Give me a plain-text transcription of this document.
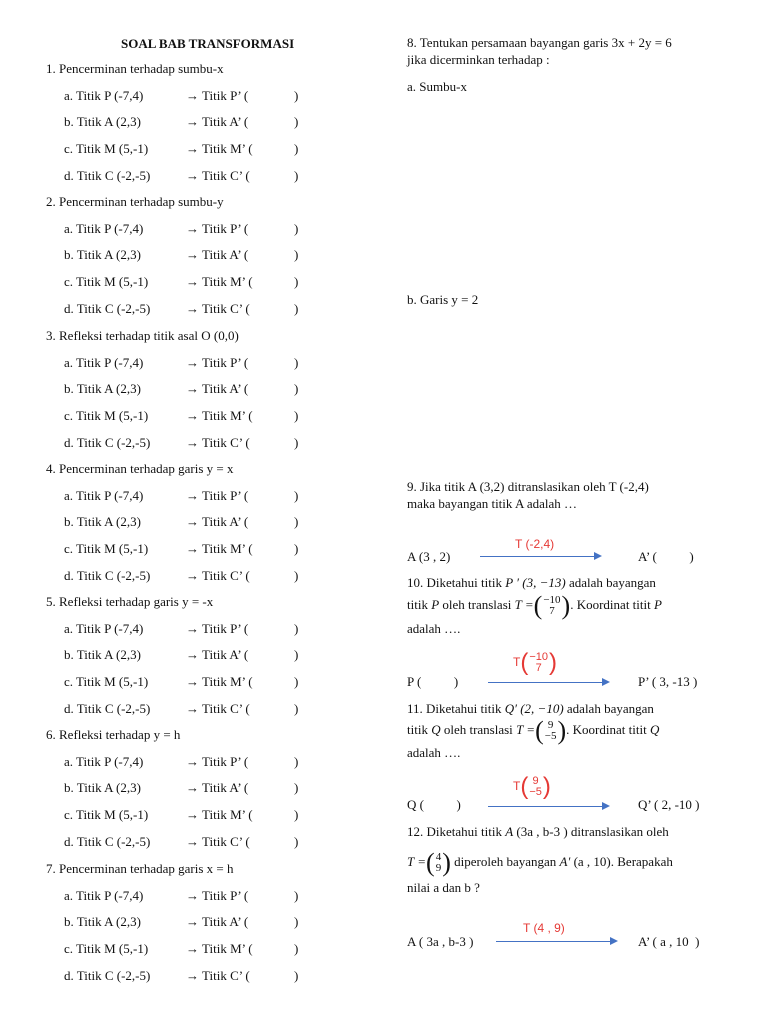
SOAL BAB TRANSFORMASI
1. Pencerminan terhadap sumbu-x
a. Titik P (-7,4)	→ Titik P’ (	)
b. Titik A (2,3)	→ Titik A’ (	)
c. Titik M (5,-1)	→ Titik M’ (	)
d. Titik C (-2,-5)	→ Titik C’ (	)
2. Pencerminan terhadap sumbu-y
a. Titik P (-7,4)	→ Titik P’ (	)
b. Titik A (2,3)	→ Titik A’ (	)
c. Titik M (5,-1)	→ Titik M’ (	)
d. Titik C (-2,-5)	→ Titik C’ (	)
3. Refleksi terhadap titik asal O (0,0)
a. Titik P (-7,4)	→ Titik P’ (	)
b. Titik A (2,3)	→ Titik A’ (	)
c. Titik M (5,-1)	→ Titik M’ (	)
d. Titik C (-2,-5)	→ Titik C’ (	)
4. Pencerminan terhadap garis y = x
a. Titik P (-7,4)	→ Titik P’ (	)
b. Titik A (2,3)	→ Titik A’ (	)
c. Titik M (5,-1)	→ Titik M’ (	)
d. Titik C (-2,-5)	→ Titik C’ (	)
5. Refleksi terhadap garis y = -x
a. Titik P (-7,4)	→ Titik P’ (	)
b. Titik A (2,3)	→ Titik A’ (	)
c. Titik M (5,-1)	→ Titik M’ (	)
d. Titik C (-2,-5)	→ Titik C’ (	)
6. Refleksi terhadap y = h
a. Titik P (-7,4)	→ Titik P’ (	)
b. Titik A (2,3)	→ Titik A’ (	)
c. Titik M (5,-1)	→ Titik M’ (	)
d. Titik C (-2,-5)	→ Titik C’ (	)
7. Pencerminan terhadap garis x = h
a. Titik P (-7,4)	→ Titik P’ (	)
b. Titik A (2,3)	→ Titik A’ (	)
c. Titik M (5,-1)	→ Titik M’ (	)
d. Titik C (-2,-5)	→ Titik C’ (	)
8. Tentukan persamaan bayangan garis 3x + 2y = 6
jika dicerminkan terhadap :
a. Sumbu-x
b. Garis y = 2
9. Jika titik A (3,2) ditranslasikan oleh T (-2,4)
maka bayangan titik A adalah …
A (3 , 2)
T (-2,4)
A’ (          )
10. Diketahui titik P ′ (3, −13) adalah bayangan
titik P oleh translasi T = ( −10
7 ) . Koordinat titit P
adalah ….
P (          )
T ( −10
7 )
P’ ( 3, -13 )
11. Diketahui titik Q′ (2, −10) adalah bayangan
titik Q oleh translasi T = ( 9
−5 ) . Koordinat titit Q
adalah ….
Q (          )
T ( 9
−5 )
Q’ ( 2, -10 )
12. Diketahui titik A (3a , b-3 ) ditranslasikan oleh
T = ( 4
9 ) diperoleh bayangan A′ (a , 10). Berapakah
nilai a dan b ?
T (4 , 9)
A ( 3a , b-3 )	A’ ( a , 10  )
